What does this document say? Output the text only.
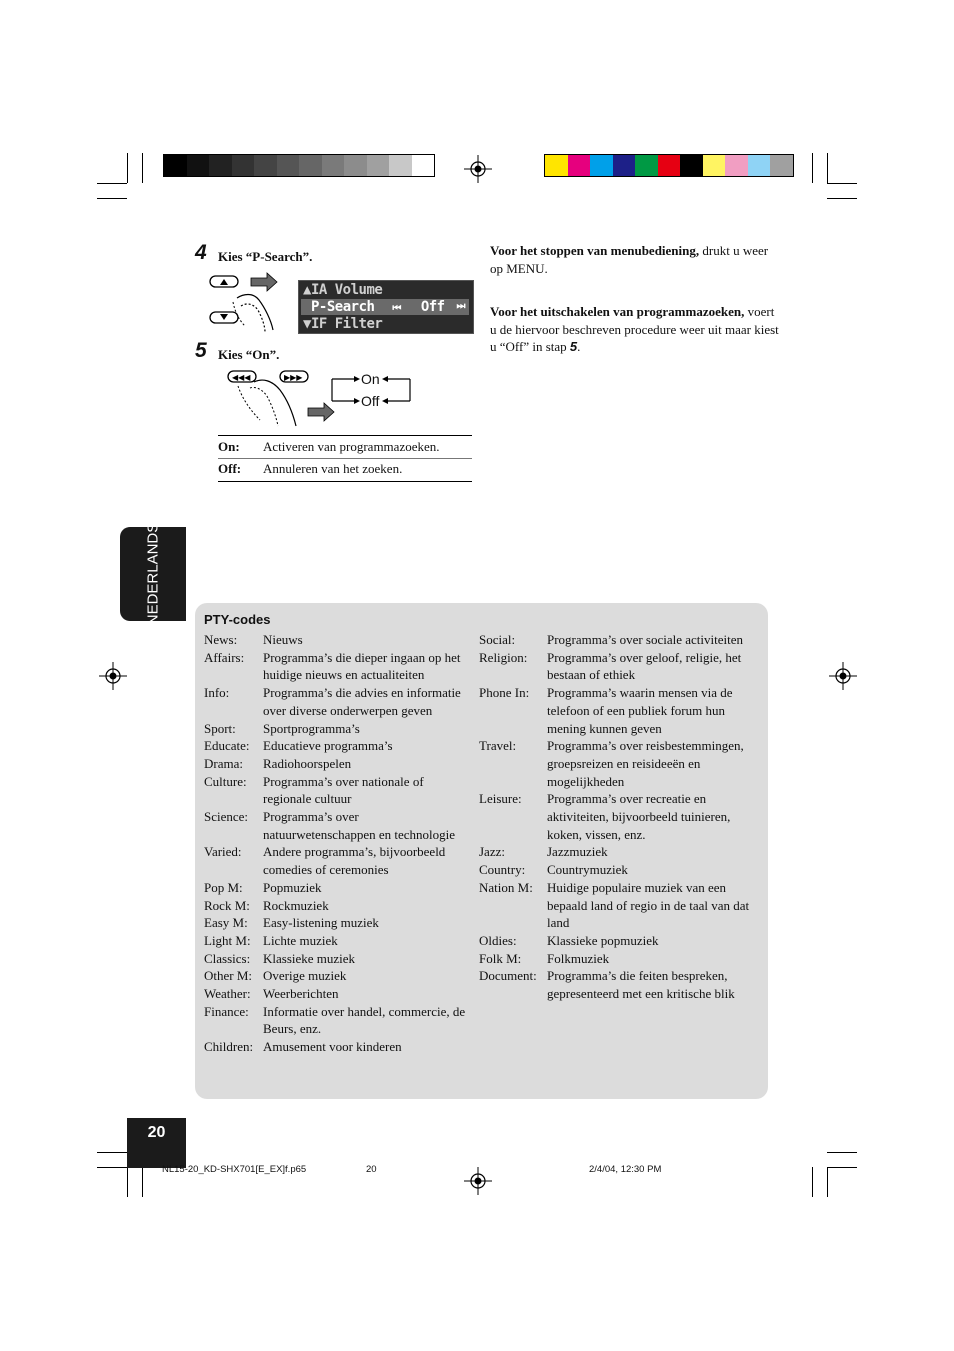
4 Kies “P-Search”.
▲IA Volume
P-Search ⏮ Off ⏭
▼IF Filter
5 Kies “On”.
◀◀◀	▶▶▶	On
Off
On: Activeren van programmazoeken.
Off: Annuleren van het zoeken.
Voor het stoppen van menubediening, drukt u weer op MENU.
Voor het uitschakelen van programmazoeken, voert u de hiervoor beschreven procedure weer uit maar kiest u “Off” in stap 5.
NEDERLANDS	PTY-codes
News:	Nieuws
Affairs:	Programma’s die dieper ingaan op het huidige nieuws en actualiteiten
Info:	Programma’s die advies en informatie over diverse onderwerpen geven
Sport:	Sportprogramma’s
Educate:	Educatieve programma’s
Drama:	Radiohoorspelen
Culture:	Programma’s over nationale of regionale cultuur
Science:	Programma’s over natuurwetenschappen en technologie
Varied:	Andere programma’s, bijvoorbeeld comedies of ceremonies
Pop M:	Popmuziek
Rock M:	Rockmuziek
Easy M:	Easy-listening muziek
Light M: Lichte muziek
Classics: Klassieke muziek
Other M: Overige muziek
Weather: Weerberichten
Finance:	Informatie over handel, commercie, de Beurs, enz.
Children: Amusement voor kinderen
Social:	Programma’s over sociale activiteiten
Religion:	Programma’s over geloof, religie, het bestaan of ethiek
Phone In:	Programma’s waarin mensen via de telefoon of een publiek forum hun mening kunnen geven
Travel:	Programma’s over reisbestemmingen, groepsreizen en reisideeën en mogelijkheden
Leisure:	Programma’s over recreatie en aktiviteiten, bijvoorbeeld tuinieren, koken, vissen, enz.
Jazz:	Jazzmuziek
Country:	Countrymuziek
Nation M:	Huidige populaire muziek van een bepaald land of regio in de taal van dat land
Oldies:	Klassieke popmuziek
Folk M:	Folkmuziek
Document: Programma’s die feiten bespreken, gepresenteerd met een kritische blik
20
NL15-20_KD-SHX701[E_EX]f.p65	20	2/4/04, 12:30 PM
